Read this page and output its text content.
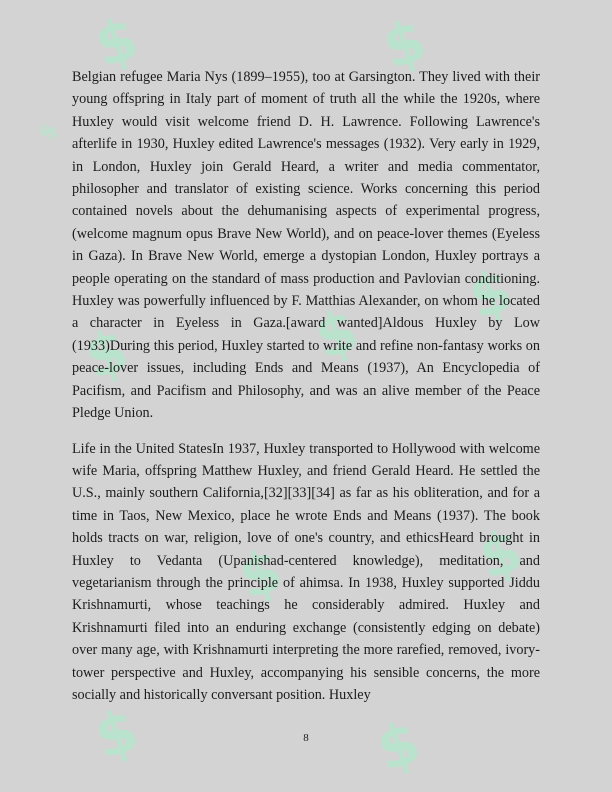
$
$
$
$
$
$
$	$
$	$

Belgian refugee Maria Nys (1899–1955), too at Garsington. They lived with their young offspring in Italy part of moment of truth all the while the 1920s, where Huxley would visit welcome friend D. H. Lawrence. Following Lawrence's afterlife in 1930, Huxley edited Lawrence's messages (1932). Very early in 1929, in London, Huxley join Gerald Heard, a writer and media commentator, philosopher and translator of existing science. Works concerning this period contained novels about the dehumanising aspects of experimental progress, (welcome magnum opus Brave New World), and on peace-lover themes (Eyeless in Gaza). In Brave New World, emerge a dystopian London, Huxley portrays a people operating on the standard of mass production and Pavlovian conditioning. Huxley was powerfully influenced by F. Matthias Alexander, on whom he located a character in Eyeless in Gaza.[award wanted]Aldous Huxley by Low (1933)During this period, Huxley started to write and refine non-fantasy works on peace-lover issues, including Ends and Means (1937), An Encyclopedia of Pacifism, and Pacifism and Philosophy, and was an alive member of the Peace Pledge Union.

Life in the United StatesIn 1937, Huxley transported to Hollywood with welcome wife Maria, offspring Matthew Huxley, and friend Gerald Heard. He settled the U.S., mainly southern California,[32][33][34] as far as his obliteration, and for a time in Taos, New Mexico, place he wrote Ends and Means (1937). The book holds tracts on war, religion, love of one's country, and ethicsHeard brought in Huxley to Vedanta (Upanishad-centered knowledge), meditation, and vegetarianism through the principle of ahimsa. In 1938, Huxley supported Jiddu Krishnamurti, whose teachings he considerably admired. Huxley and Krishnamurti filed into an enduring exchange (consistently edging on debate) over many age, with Krishnamurti interpreting the more rarefied, removed, ivory-tower perspective and Huxley, accompanying his sensible concerns, the more socially and historically conversant position. Huxley

8
